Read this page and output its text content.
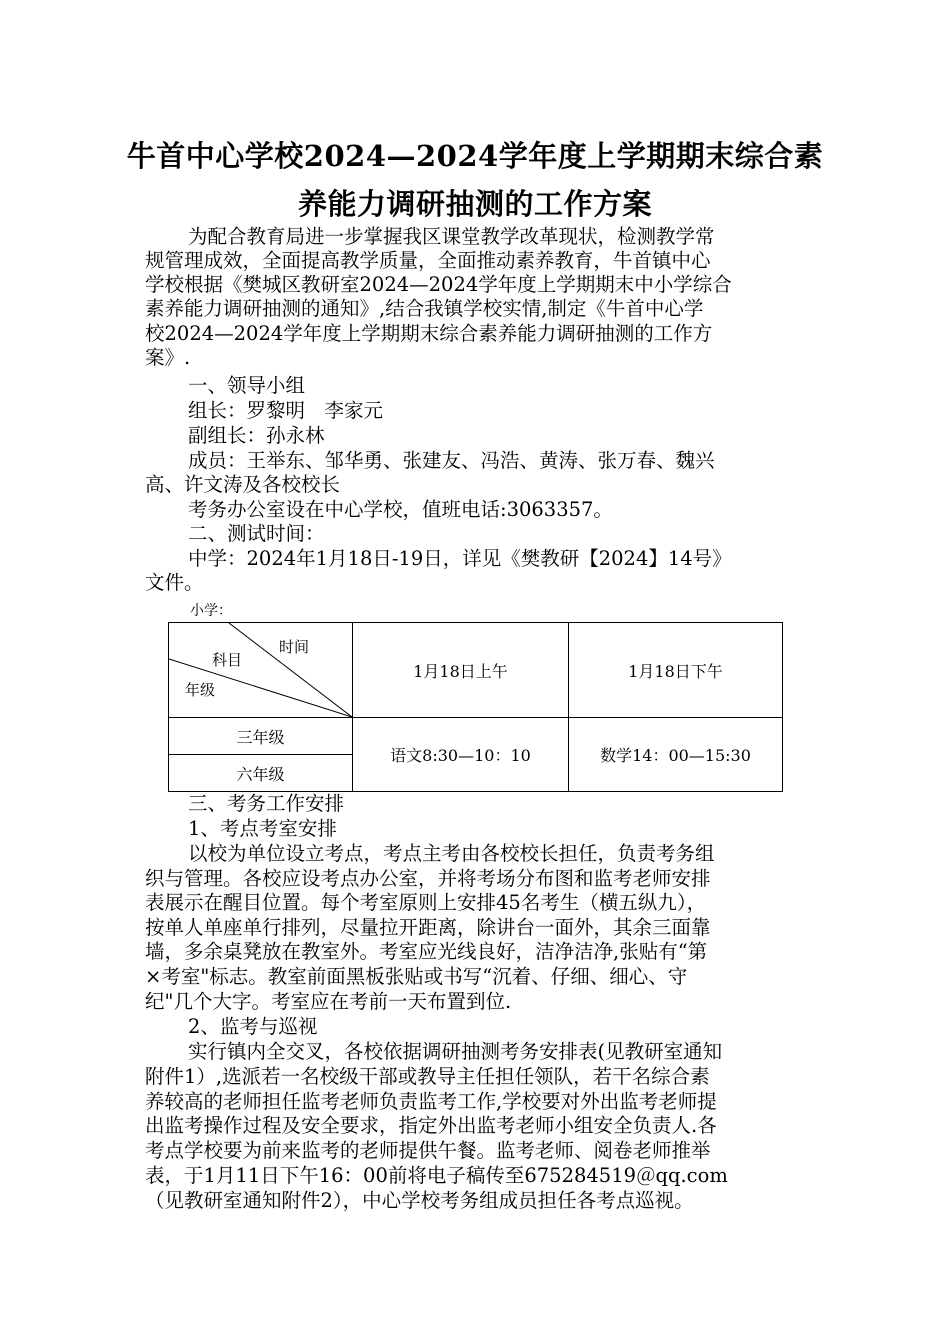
牛首中心学校2024—2024学年度上学期期末综合素
养能力调研抽测的工作方案
为配合教育局进一步掌握我区课堂教学改革现状，检测教学常
规管理成效，全面提高教学质量，全面推动素养教育，牛首镇中心
学校根据《樊城区教研室2024—2024学年度上学期期末中小学综合
素养能力调研抽测的通知》,结合我镇学校实情,制定《牛首中心学
校2024—2024学年度上学期期末综合素养能力调研抽测的工作方
案》.
一、领导小组
组长：罗黎明　李家元
副组长：孙永林
成员：王举东、邹华勇、张建友、冯浩、黄涛、张万春、魏兴
高、许文涛及各校校长
考务办公室设在中心学校，值班电话:3063357。
二、测试时间：
中学：2024年1月18日-19日，详见《樊教研【2024】14号》
文件。
小学：
时间
科目
年级	1月18日上午	1月18日下午
三年级	语文8:30—10：10	数学14：00—15:30
六年级		
三、考务工作安排
1、考点考室安排
以校为单位设立考点，考点主考由各校校长担任，负责考务组
织与管理。各校应设考点办公室，并将考场分布图和监考老师安排
表展示在醒目位置。每个考室原则上安排45名考生（横五纵九），
按单人单座单行排列，尽量拉开距离，除讲台一面外，其余三面靠
墙，多余桌凳放在教室外。考室应光线良好，洁净洁净,张贴有“第
×考室"标志。教室前面黑板张贴或书写“沉着、仔细、细心、守
纪"几个大字。考室应在考前一天布置到位.
2、监考与巡视
实行镇内全交叉，各校依据调研抽测考务安排表(见教研室通知
附件1）,选派若一名校级干部或教导主任担任领队，若干名综合素
养较高的老师担任监考老师负责监考工作,学校要对外出监考老师提
出监考操作过程及安全要求，指定外出监考老师小组安全负责人.各
考点学校要为前来监考的老师提供午餐。监考老师、阅卷老师推举
表，于1月11日下午16：00前将电子稿传至675284519＠qq.com
（见教研室通知附件2），中心学校考务组成员担任各考点巡视。
